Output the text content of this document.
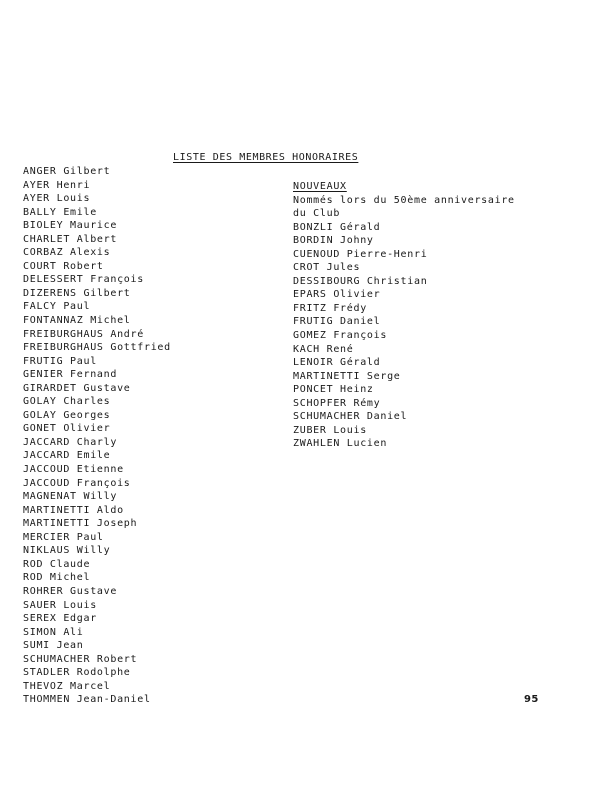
LISTE DES MEMBRES HONORAIRES
ANGER Gilbert
AYER Henri
AYER Louis
BALLY Emile
BIOLEY Maurice
CHARLET Albert
CORBAZ Alexis
COURT Robert
DELESSERT François
DIZERENS Gilbert
FALCY Paul
FONTANNAZ Michel
FREIBURGHAUS André
FREIBURGHAUS Gottfried
FRUTIG Paul
GENIER Fernand
GIRARDET Gustave
GOLAY Charles
GOLAY Georges
GONET Olivier
JACCARD Charly
JACCARD Emile
JACCOUD Etienne
JACCOUD François
MAGNENAT Willy
MARTINETTI Aldo
MARTINETTI Joseph
MERCIER Paul
NIKLAUS Willy
ROD Claude
ROD Michel
ROHRER Gustave
SAUER Louis
SEREX Edgar
SIMON Ali
SUMI Jean
SCHUMACHER Robert
STADLER Rodolphe
THEVOZ Marcel
THOMMEN Jean-Daniel
NOUVEAUX
Nommés lors du 50ème anniversaire
du Club
BONZLI Gérald
BORDIN Johny
CUENOUD Pierre-Henri
CROT Jules
DESSIBOURG Christian
EPARS Olivier
FRITZ Frédy
FRUTIG Daniel
GOMEZ François
KACH René
LENOIR Gérald
MARTINETTI Serge
PONCET Heinz
SCHOPFER Rémy
SCHUMACHER Daniel
ZUBER Louis
ZWAHLEN Lucien
95
